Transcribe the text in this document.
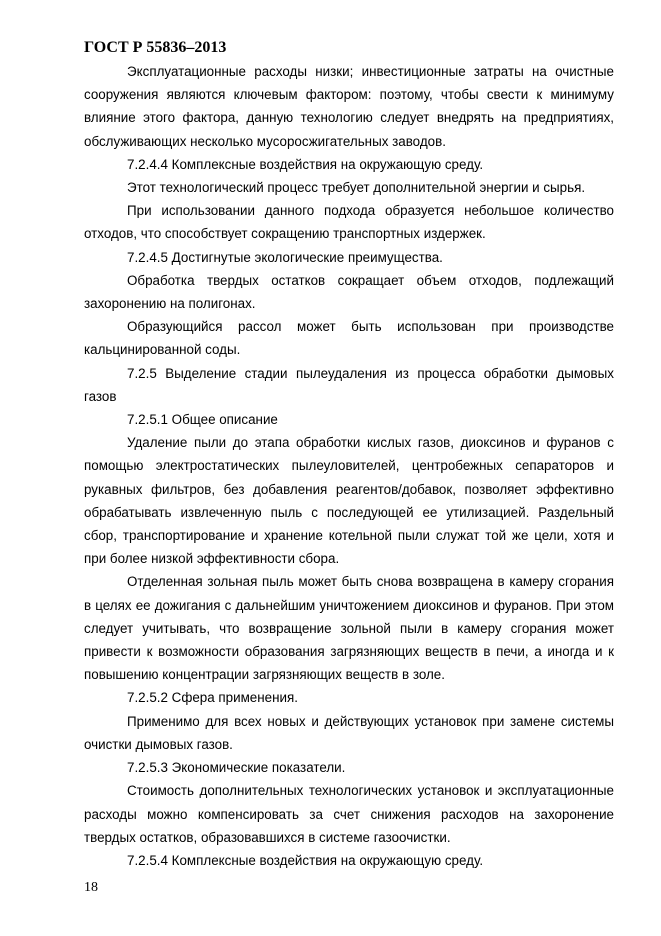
ГОСТ Р 55836–2013

Эксплуатационные расходы низки; инвестиционные затраты на очистные сооружения являются ключевым фактором: поэтому, чтобы свести к минимуму влияние этого фактора, данную технологию следует внедрять на предприятиях, обслуживающих несколько мусоросжигательных заводов.

7.2.4.4 Комплексные воздействия на окружающую среду.

Этот технологический процесс требует дополнительной энергии и сырья.

При использовании данного подхода образуется небольшое количество отходов, что способствует сокращению транспортных издержек.

7.2.4.5 Достигнутые экологические преимущества.

Обработка твердых остатков сокращает объем отходов, подлежащий захоронению на полигонах.

Образующийся рассол может быть использован при производстве кальцинированной соды.

7.2.5 Выделение стадии пылеудаления из процесса обработки дымовых газов

7.2.5.1 Общее описание

Удаление пыли до этапа обработки кислых газов, диоксинов и фуранов с помощью электростатических пылеуловителей, центробежных сепараторов и рукавных фильтров, без добавления реагентов/добавок, позволяет эффективно обрабатывать извлеченную пыль с последующей ее утилизацией. Раздельный сбор, транспортирование и хранение котельной пыли служат той же цели, хотя и при более низкой эффективности сбора.

Отделенная зольная пыль может быть снова возвращена в камеру сгорания в целях ее дожигания с дальнейшим уничтожением диоксинов и фуранов. При этом следует учитывать, что возвращение зольной пыли в камеру сгорания может привести к возможности образования загрязняющих веществ в печи, а иногда и к повышению концентрации загрязняющих веществ в золе.

7.2.5.2 Сфера применения.

Применимо для всех новых и действующих установок при замене системы очистки дымовых газов.

7.2.5.3 Экономические показатели.

Стоимость дополнительных технологических установок и эксплуатационные расходы можно компенсировать за счет снижения расходов на захоронение твердых остатков, образовавшихся в системе газоочистки.

7.2.5.4 Комплексные воздействия на окружающую среду.

18
